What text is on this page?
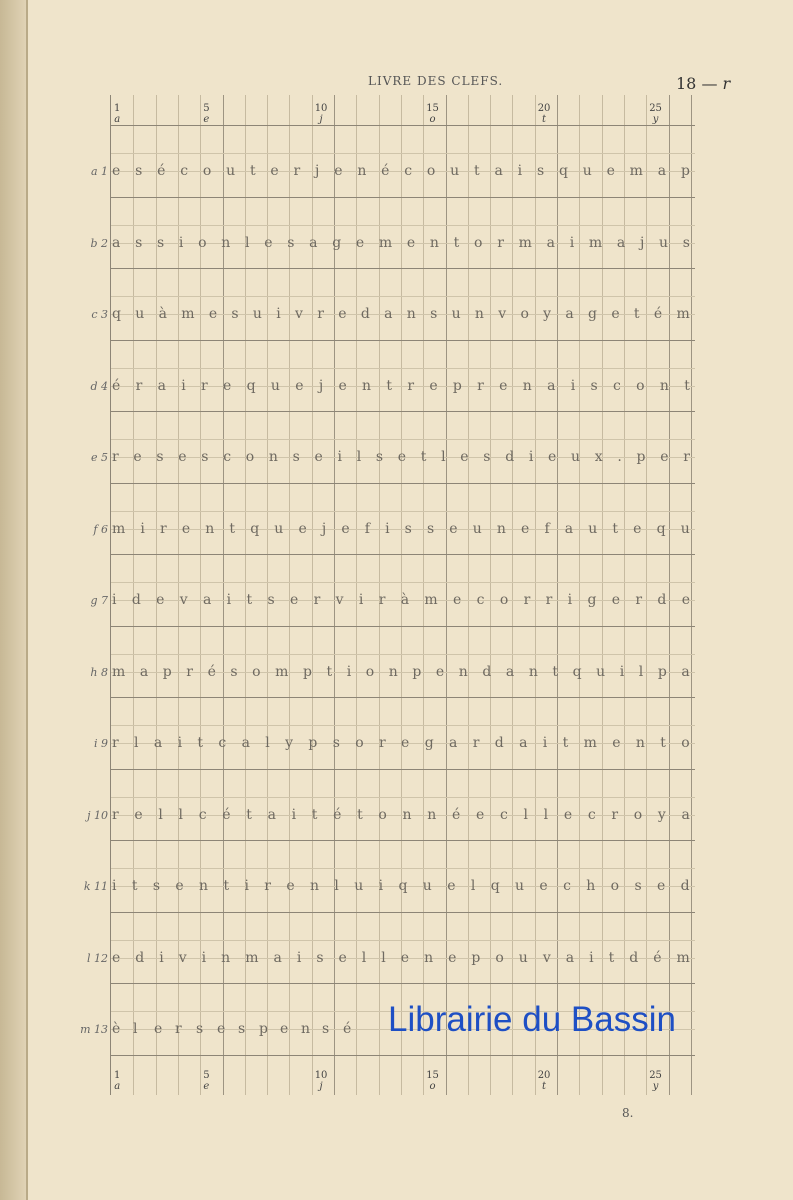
LIVRE DES CLEFS.	18 — r
1
a
5
e
10
j
15
o
20
t
25
y
1
a
5
e
10
j
15
o
20
t
25
y
a 1 e s é c o u t e r j e n é c o u t a i s q u e m a p
b 2 a s s i o n l e s a g e m e n t o r m a i m a j u s
c 3 q u à m e s u i v r e d a n s u n v o y a g e t é m
d 4 é r a i r e q u e j e n t r e p r e n a i s c o n t
e 5 r e s e s c o n s e i l s e t l e s d i e u x . p e r
f 6 m i r e n t q u e j e f i s s e u n e f a u t e q u
g 7 i d e v a i t s e r v i r à m e c o r r i g e r d e
h 8 m a p r é s o m p t i o n p e n d a n t q u i l p a
i 9 r l a i t c a l y p s o r e g a r d a i t m e n t o
j 10 r e l l c é t a i t é t o n n é e c l l e c r o y a
k 11 i t s e n t i r e n l u i q u e l q u e c h o s e d
l 12 e d i v i n m a i s e l l e n e p o u v a i t d é m
m 13 è l	e r	s e s p e n s é	Librairie du Bassin
8.
